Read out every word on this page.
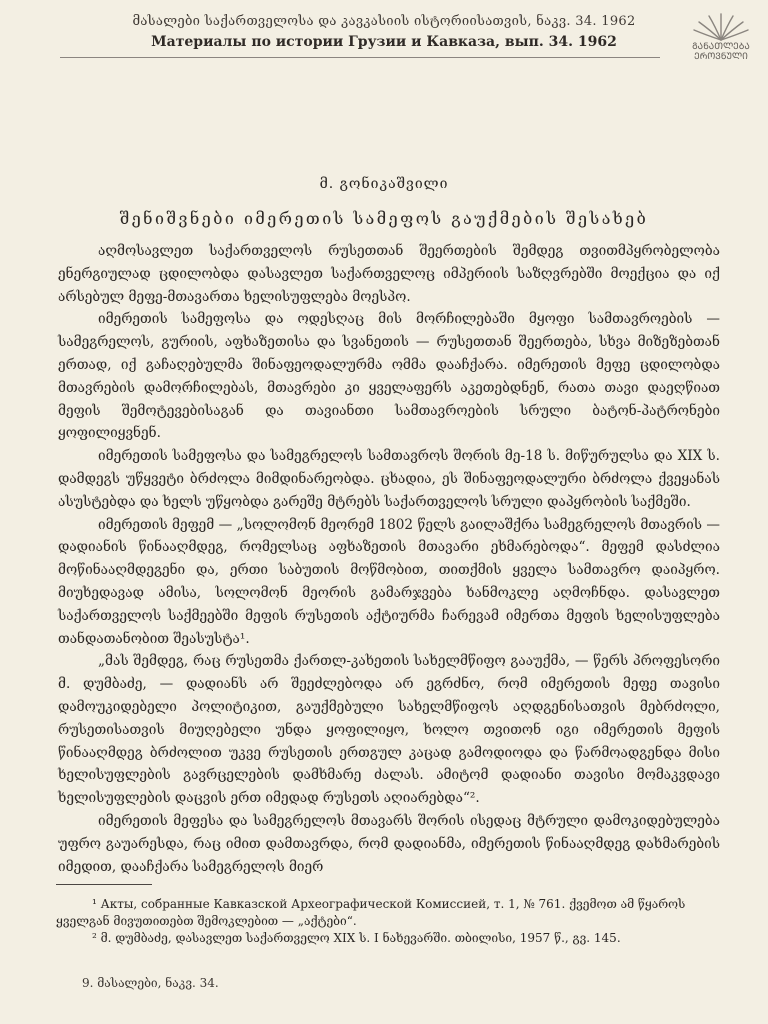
მასალები საქართველოსა და კავკასიის ისტორიისათვის, ნაკვ. 34. 1962
Материалы по истории Грузии и Кавказа, вып. 34. 1962	ᲒᲐᲜᲐᲗᲚᲔᲑᲐ
ᲔᲠᲝᲕᲜᲣᲚᲘ
მ. გონიკაშვილი
შენიშვნები იმერეთის სამეფოს გაუქმების შესახებ

აღმოსავლეთ საქართველოს რუსეთთან შეერთების შემდეგ თვითმპყრობელობა ენერგიულად ცდილობდა დასავლეთ საქართველოც იმპერიის საზღვრებში მოექცია და იქ არსებულ მეფე-მთავართა ხელისუფლება მოესპო.

იმერეთის სამეფოსა და ოდესღაც მის მორჩილებაში მყოფი სამთავროების — სამეგრელოს, გურიის, აფხაზეთისა და სვანეთის — რუსეთთან შეერთება, სხვა მიზეზებთან ერთად, იქ გაჩაღებულმა შინაფეოდალურმა ომმა დააჩქარა. იმერეთის მეფე ცდილობდა მთავრების დამორჩილებას, მთავრები კი ყველაფერს აკეთებდნენ, რათა თავი დაეღწიათ მეფის შემოტევებისაგან და თავიანთი სამთავროების სრული ბატონ-პატრონები ყოფილიყვნენ.

იმერეთის სამეფოსა და სამეგრელოს სამთავროს შორის მე-18 ს. მიწურულსა და XIX ს. დამდეგს უწყვეტი ბრძოლა მიმდინარეობდა. ცხადია, ეს შინაფეოდალური ბრძოლა ქვეყანას ასუსტებდა და ხელს უწყობდა გარეშე მტრებს საქართველოს სრული დაპყრობის საქმეში.

იმერეთის მეფემ — „სოლომონ მეორემ 1802 წელს გაილაშქრა სამეგრელოს მთავრის — დადიანის წინააღმდეგ, რომელსაც აფხაზეთის მთავარი ეხმარებოდა“. მეფემ დასძლია მოწინააღმდეგენი და, ერთი საბუთის მოწმობით, თითქმის ყველა სამთავრო დაიპყრო. მიუხედავად ამისა, სოლომონ მეორის გამარჯვება ხანმოკლე აღმოჩნდა. დასავლეთ საქართველოს საქმეებში მეფის რუსეთის აქტიურმა ჩარევამ იმერთა მეფის ხელისუფლება თანდათანობით შეასუსტა¹.

„მას შემდეგ, რაც რუსეთმა ქართლ-კახეთის სახელმწიფო გააუქმა, — წერს პროფესორი მ. დუმბაძე, — დადიანს არ შეეძლებოდა არ ეგრძნო, რომ იმერეთის მეფე თავისი დამოუკიდებელი პოლიტიკით, გაუქმებული სახელმწიფოს აღდგენისათვის მებრძოლი, რუსეთისათვის მიუღებელი უნდა ყოფილიყო, ხოლო თვითონ იგი იმერეთის მეფის წინააღმდეგ ბრძოლით უკვე რუსეთის ერთგულ კაცად გამოდიოდა და წარმოადგენდა მისი ხელისუფლების გავრცელების დამხმარე ძალას. ამიტომ დადიანი თავისი მომაკვდავი ხელისუფლების დაცვის ერთ იმედად რუსეთს აღიარებდა“².

იმერეთის მეფესა და სამეგრელოს მთავარს შორის ისედაც მტრული დამოკიდებულება უფრო გაუარესდა, რაც იმით დამთავრდა, რომ დადიანმა, იმერეთის წინააღმდეგ დახმარების იმედით, დააჩქარა სამეგრელოს მიერ

¹ Акты, собранные Кавказской Археографической Комиссией, т. 1, № 761. ქვემოთ ამ წყაროს ყველგან მივუთითებთ შემოკლებით — „აქტები“.

² მ. დუმბაძე, დასავლეთ საქართველო XIX ს. I ნახევარში. თბილისი, 1957 წ., გვ. 145.

9. მასალები, ნაკვ. 34.
